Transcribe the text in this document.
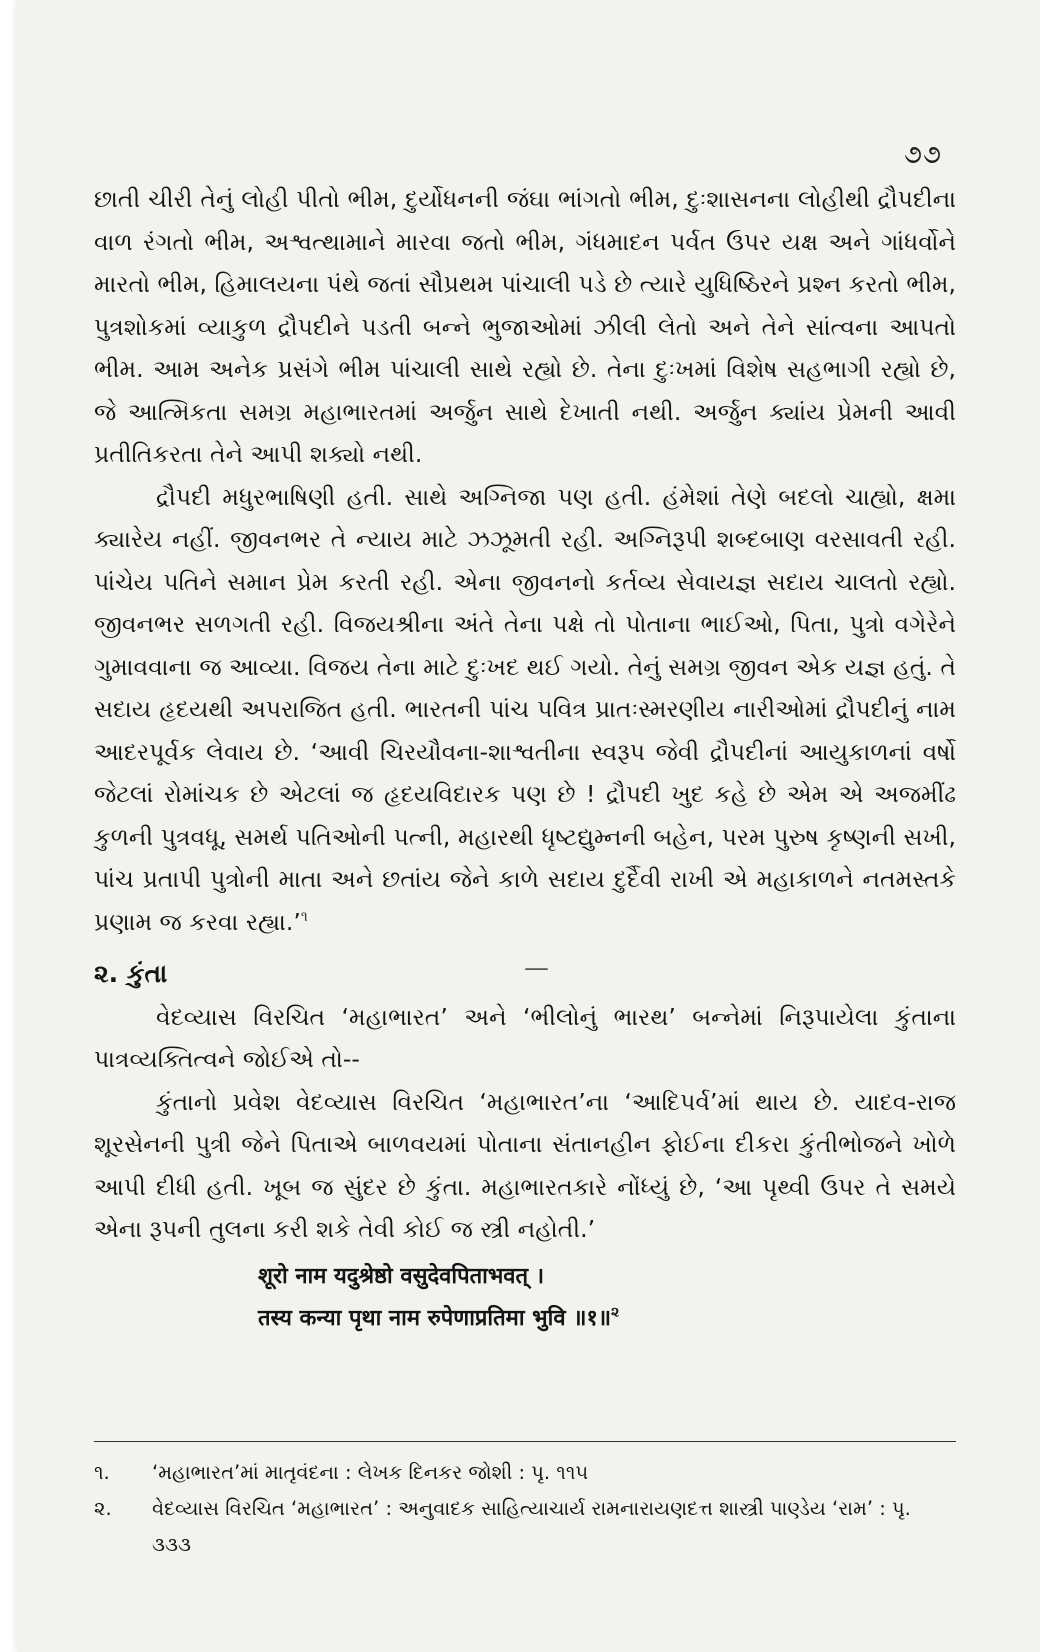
૭૭

છાતી ચીરી તેનું લોહી પીતો ભીમ, દુર્યોધનની જંઘા ભાંગતો ભીમ, દુઃશાસનના લોહીથી દ્રૌપદીના વાળ રંગતો ભીમ, અશ્વત્થામાને મારવા જતો ભીમ, ગંધમાદન પર્વત ઉપર યક્ષ અને ગાંધર્વોને મારતો ભીમ, હિમાલયના પંથે જતાં સૌપ્રથમ પાંચાલી પડે છે ત્યારે યુધિષ્ઠિરને પ્રશ્ન કરતો ભીમ, પુત્રશોકમાં વ્યાકુળ દ્રૌપદીને પડતી બન્ને ભુજાઓમાં ઝીલી લેતો અને તેને સાંત્વના આપતો ભીમ. આમ અનેક પ્રસંગે ભીમ પાંચાલી સાથે રહ્યો છે. તેના દુઃખમાં વિશેષ સહભાગી રહ્યો છે, જે આત્મિકતા સમગ્ર મહાભારતમાં અર્જુન સાથે દેખાતી નથી. અર્જુન ક્યાંય પ્રેમની આવી પ્રતીતિકરતા તેને આપી શક્યો નથી.

દ્રૌપદી મધુરભાષિણી હતી. સાથે અગ્નિજા પણ હતી. હંમેશાં તેણે બદલો ચાહ્યો, ક્ષમા ક્યારેય નહીં. જીવનભર તે ન્યાય માટે ઝઝૂમતી રહી. અગ્નિરૂપી શબ્દબાણ વરસાવતી રહી. પાંચેય પતિને સમાન પ્રેમ કરતી રહી. એના જીવનનો કર્તવ્ય સેવાયજ્ઞ સદાય ચાલતો રહ્યો. જીવનભર સળગતી રહી. વિજયશ્રીના અંતે તેના પક્ષે તો પોતાના ભાઈઓ, પિતા, પુત્રો વગેરેને ગુમાવવાના જ આવ્યા. વિજય તેના માટે દુઃખદ થઈ ગયો. તેનું સમગ્ર જીવન એક યજ્ઞ હતું. તે સદાય હૃદયથી અપરાજિત હતી. ભારતની પાંચ પવિત્ર પ્રાતઃસ્મરણીય નારીઓમાં દ્રૌપદીનું નામ આદરપૂર્વક લેવાય છે. ‘આવી ચિરયૌવના-શાશ્વતીના સ્વરૂપ જેવી દ્રૌપદીનાં આયુકાળનાં વર્ષો જેટલાં રોમાંચક છે એટલાં જ હૃદયવિદારક પણ છે ! દ્રૌપદી ખુદ કહે છે એમ એ અજમીંઢ કુળની પુત્રવધૂ, સમર્થ પતિઓની પત્ની, મહારથી ધૃષ્ટદ્યુમ્નની બહેન, પરમ પુરુષ કૃષ્ણની સખી, પાંચ પ્રતાપી પુત્રોની માતા અને છતાંય જેને કાળે સદાય દુર્દૈવી રાખી એ મહાકાળને નતમસ્તકે પ્રણામ જ કરવા રહ્યા.’$^૧$

૨. કુંતા	—

વેદવ્યાસ વિરચિત ‘મહાભારત’ અને ‘ભીલોનું ભારથ’ બન્નેમાં નિરૂપાયેલા કુંતાના પાત્રવ્યક્તિત્વને જોઈએ તો--

કુંતાનો પ્રવેશ વેદવ્યાસ વિરચિત ‘મહાભારત’ના ‘આદિપર્વ’માં થાય છે. યાદવ-રાજ શૂરસેનની પુત્રી જેને પિતાએ બાળવયમાં પોતાના સંતાનહીન ફોઈના દીકરા કુંતીભોજને ખોળે આપી દીધી હતી. ખૂબ જ સુંદર છે કુંતા. મહાભારતકારે નોંધ્યું છે, ‘આ પૃથ્વી ઉપર તે સમયે એના રૂપની તુલના કરી શકે તેવી કોઈ જ સ્ત્રી નહોતી.’

शूरो नाम यदुश्रेष्ठो वसुदेवपिताभवत् ।
तस्य कन्या पृथा नाम रुपेणाप्रतिमा भुवि ॥१॥$^૨$

૧. ‘મહાભારત’માં માતૃવંદના : લેખક દિનકર જોશી : પૃ. ૧૧૫

૨. વેદવ્યાસ વિરચિત ‘મહાભારત’ : અનુવાદક સાહિત્યાચાર્ય રામનારાયણદત્ત શાસ્ત્રી પાણ્ડેય ‘રામ’ : પૃ. ૩૩૩
